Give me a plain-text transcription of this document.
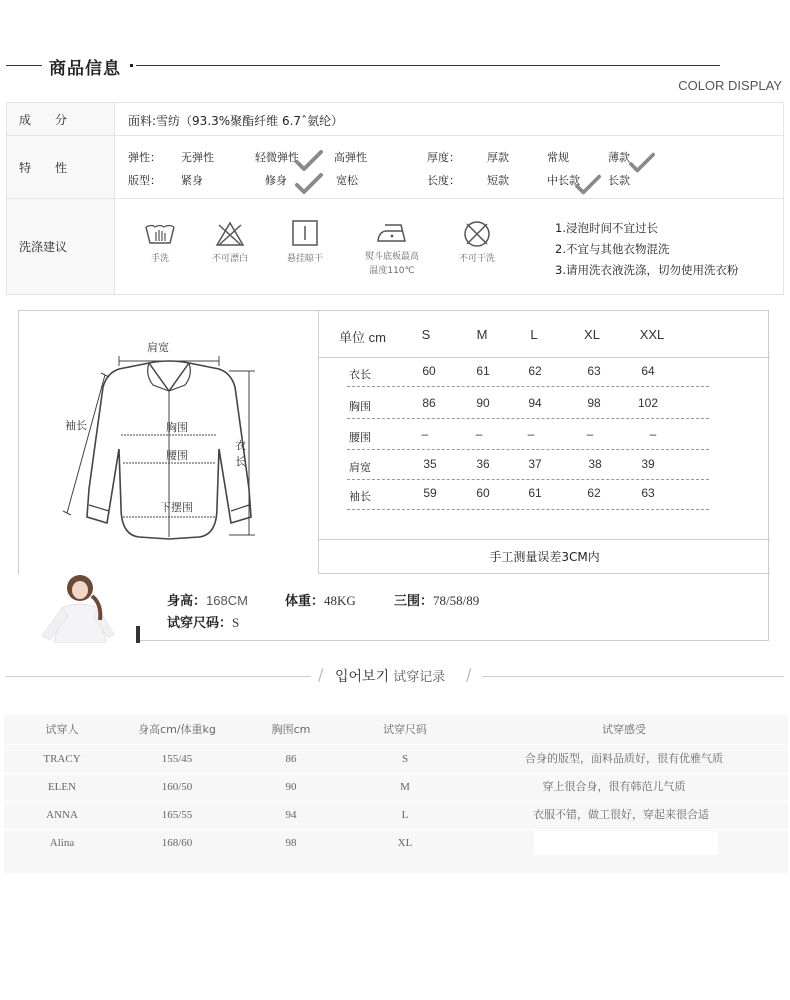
商品信息
COLOR DISPLAY
成　　分	面料:雪纺（93.3%聚酯纤维 6.7ˆ氨纶）
特　　性
弹性： 无弹性	轻微弹性	高弹性	厚度： 厚款	常规	薄款
版型： 紧身	修身	宽松	长度： 短款	中长款	长款
洗涤建议
手洗	不可漂白	悬挂晾干	熨斗底板最高
温度110℃
不可干洗
1.浸泡时间不宜过长
2.不宜与其他衣物混洗
3.请用洗衣液洗涤，切勿使用洗衣粉
肩宽
袖长	胸围
腰围
下摆围
衣
长
单位 cm	S	M	L	XL	XXL
衣长	60	61	62	63	64
胸围	86	90	94	98	102
腰围	–	–	–	–	–
肩宽	35	36	37	38	39
袖长	59	60	61	62	63
手工测量误差3CM内
身高：168CM	体重：48KG	三围：78/58/89
试穿尺码：S
/ 입어보기 试穿记录 /
试穿人	身高cm/体重kg	胸围cm	试穿尺码	试穿感受
TRACY	155/45	86	S	合身的版型，面料品质好，很有优雅气质
ELEN	160/50	90	M	穿上很合身，很有韩范儿气质
ANNA	165/55	94	L	衣服不错，做工很好，穿起来很合适
Alina	168/60	98	XL
